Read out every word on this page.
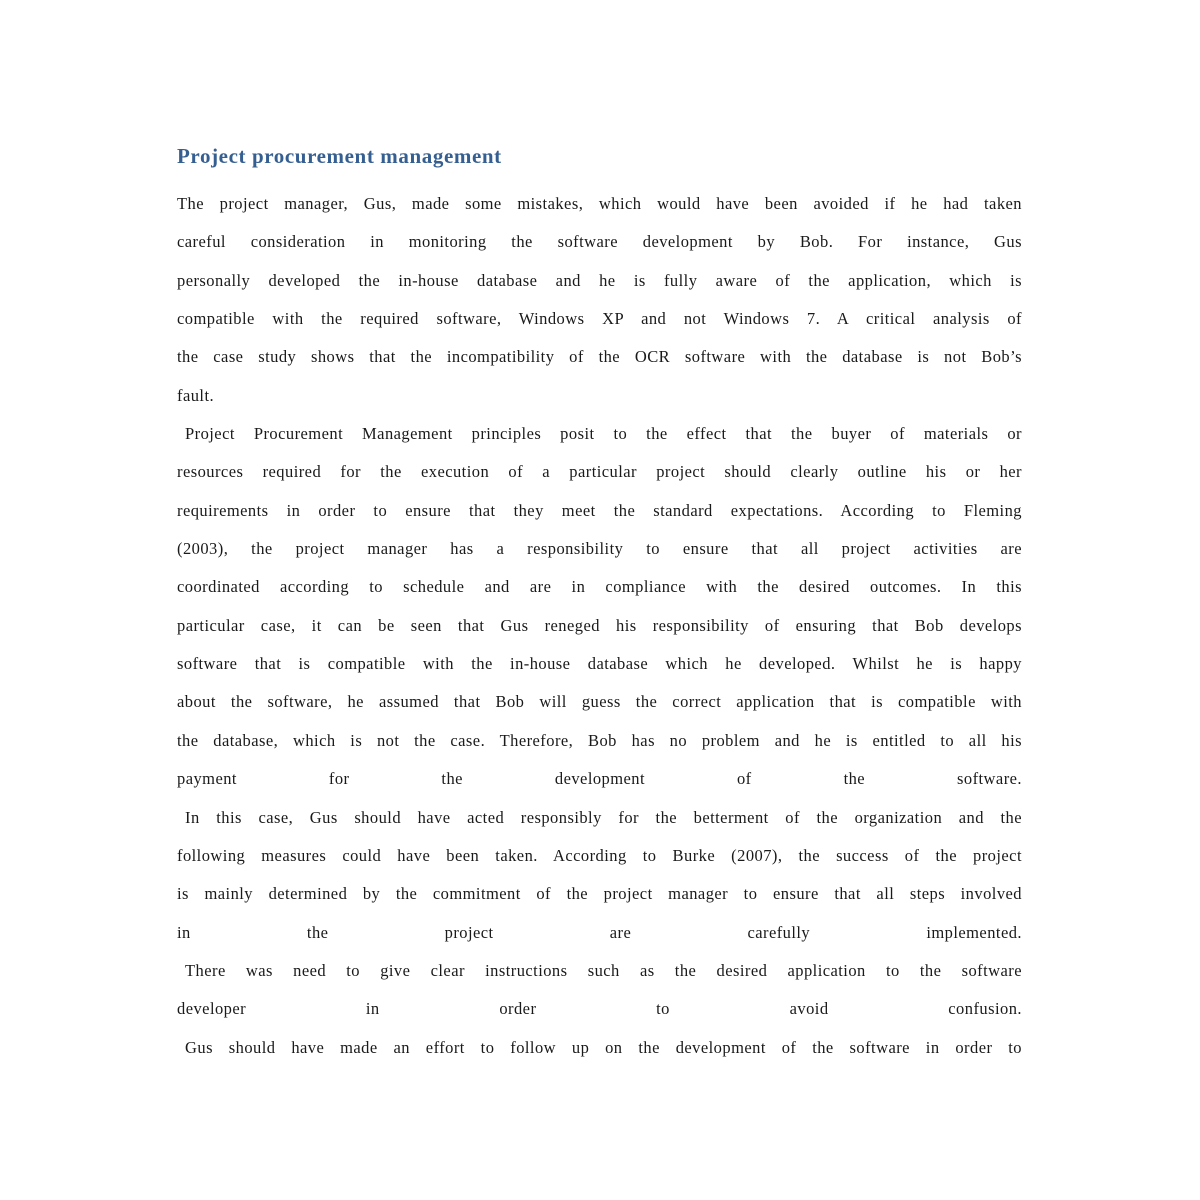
Project procurement management
The project manager, Gus, made some mistakes, which would have been avoided if he had taken
careful consideration in monitoring the software development by Bob. For instance, Gus
personally developed the in-house database and he is fully aware of the application, which is
compatible with the required software, Windows XP and not Windows 7. A critical analysis of
the case study shows that the incompatibility of the OCR software with the database is not Bob’s
fault.
Project Procurement Management principles posit to the effect that the buyer of materials or
resources required for the execution of a particular project should clearly outline his or her
requirements in order to ensure that they meet the standard expectations. According to Fleming
(2003), the project manager has a responsibility to ensure that all project activities are
coordinated according to schedule and are in compliance with the desired outcomes. In this
particular case, it can be seen that Gus reneged his responsibility of ensuring that Bob develops
software that is compatible with the in-house database which he developed. Whilst he is happy
about the software, he assumed that Bob will guess the correct application that is compatible with
the database, which is not the case. Therefore, Bob has no problem and he is entitled to all his
payment for the development of the software.
In this case, Gus should have acted responsibly for the betterment of the organization and the
following measures could have been taken. According to Burke (2007), the success of the project
is mainly determined by the commitment of the project manager to ensure that all steps involved
in the project are carefully implemented.
There was need to give clear instructions such as the desired application to the software
developer in order to avoid confusion.
Gus should have made an effort to follow up on the development of the software in order to
